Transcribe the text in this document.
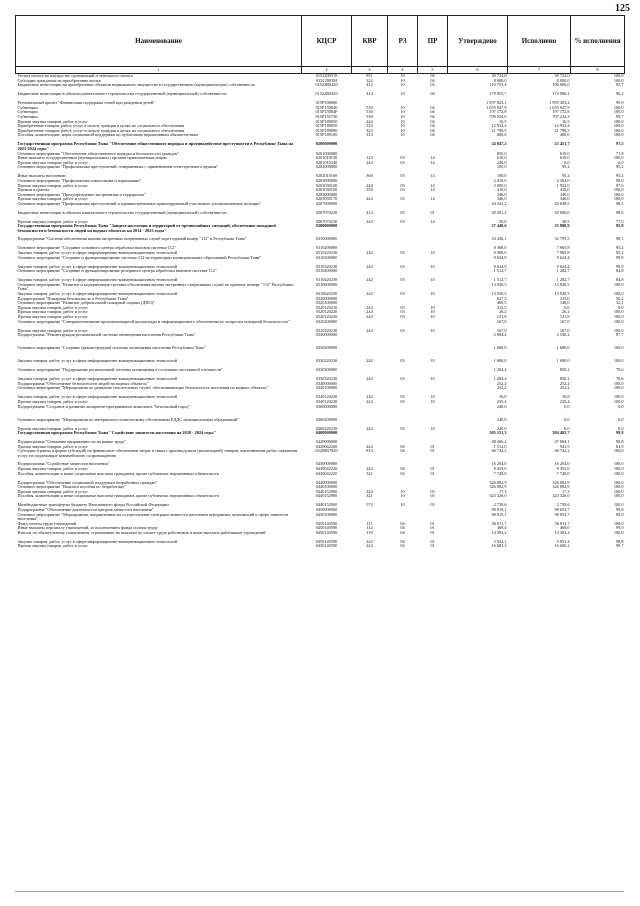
125
Наименование	КЦСР	КВР	РЗ	ПР	Утверждено	Исполнено	% исполнения
1	2	3	4	5	6	7	8
Уплата налога на имущество организаций и земельного налога	0152200310	851	10	04	30 724,0	30 724,0	100,0
Субсидии гражданам на приобретение жилья	01522003М	322	10	04	8 000,0	8 000,0	100,0
Бюджетные инвестиции на приобретение объектов недвижимого имущества в государственную (муниципальную) собственность	01522R0420	412	10	04	110 753,4	106 006,0	95,7
Бюджетные инвестиции в объекты капитального строительства государственной (муниципальной) собственности	01522R0420	414	10	04	179 855,7	172 980,1	96,2
Региональный проект "Финансовая поддержка семей при рождении детей"	015P100000				1 997 823,1	1 995 303,4	99,9
Субвенции	015P150840	530	10	04	1 055 947,9	1 055 947,9	100,0
Субвенции	015P15084F	530	10	04	197 172,8	197 172,8	100,0
Субвенции	015P155730	530	10	04	709 554,0	707 234,3	99,7
Прочая закупка товаров, работ и услуг	015P189050	244	10	04	16,5	16,5	100,0
Приобретение товаров, работ, услуг в пользу граждан в целях их социального обеспечения	015P189050	323	10	04	12 932,4	12 932,4	100,0
Приобретение товаров, работ, услуг в пользу граждан в целях их социального обеспечения	015P189090	323	10	04	21 799,5	21 799,5	100,0
Пособия, компенсации, меры социальной поддержки по публичным нормативным обязательствам	015P189100	313	10	04	400,0	400,0	100,0
Государственная программа Республики Тыва "Обеспечение общественного порядка и противодействие преступности в Республике Тыва на 2021-2024 годы"	0200000000				24 047,2	23 451,7	97,5
Основное мероприятие "Обеспечение общественного порядка и безопасности граждан"	0201000000				850,0	610,0	71,8
Иные выплаты государственных (муниципальных) органов привлекаемым лицам	0201010130	123	03	14	610,0	610,0	100,0
Прочая закупка товаров, работ и услуг	0201010340	244	03	14	240,0	0,0	0,0
Основное мероприятие "Профилактика преступлений, совершенных с применением огнестрельного оружия"	0202000000				100,0	95,2	95,2
Иные выплаты населению	0202010160	360	03	14	100,0	95,2	95,2
Основное мероприятие "Профилактика алкоголизма и наркомании"	0203000000				2 410,0	2 362,0	98,0
Прочая закупка товаров, работ и услуг	0203030100	244	03	14	2 000,0	1 952,0	97,6
Премии и гранты	0203030100	350	03	14	410,0	410,0	100,0
Основное мероприятие "Предупреждение экстремизма и терроризма"	0205000000				346,0	346,0	100,0
Прочая закупка товаров, работ и услуг	0205050170	244	03	14	346,0	346,0	100,0
Основное мероприятие "Профилактика преступлений и административных правонарушений участковых уполномоченных полиции"	0207000000				20 341,2	20 038,5	98,5
Бюджетные инвестиции в объекты капитального строительства государственной (муниципальной) собственности	0207070230	414	05	01	20 291,2	20 000,0	98,6
Прочая закупка товаров, работ и услуг	0207070230	244	03	14	50,0	38,5	77,0
Государственная программа Республики Тыва "Защита населения и территорий от чрезвычайных ситуаций, обеспечение пожарной безопасности и безопасности людей на водных объектах на 2014 - 2023 годы"	0300000000				37 440,6	35 890,9	95,9
Подпрограмма "Система обеспечения вызова экстренных оперативных служб через единый номер "112" в Республике Тыва"	0310000000				33 436,1	32 793,5	98,1
Основное мероприятие "Создание основного центра обработки вызовов системы-112"	0310200000				8 368,0	7 965,8	95,2
Закупка товаров, работ, услуг в сфере информационно-коммуникационных технологий	0310220230	242	03	10	8 368,0	7 965,8	95,2
Основное мероприятие "Создание и функционирование системы-112 на территории муниципальных образований Республики Тыва"	0310300000				9 634,9	9 624,4	99,9
Закупка товаров, работ, услуг в сфере информационно-коммуникационных технологий	0310320230	242	03	10	9 634,9	9 624,4	99,9
Основное мероприятие "Создание и функционирование резервного центра обработки вызовов системы-112"	0310400000				1 512,7	1 282,7	84,8
Закупка товаров, работ, услуг в сфере информационно-коммуникационных технологий	0310420230	242	03	10	1 512,7	1 282,7	84,8
Основное мероприятие "Развитие и модернизация системы обеспечения вызова экстренных оперативных служб по единому номеру "112" Республики Тыва"	0310600000				13 920,5	13 920,5	100,0
Закупка товаров, работ, услуг в сфере информационно-коммуникационных технологий	0310620230	242	03	10	13 920,5	13 920,5	100,0
Подпрограмма "Пожарная безопасность в Республике Тыва"	0320000000				627,5	315,0	50,2
Основное мероприятие "Развитие добровольной пожарной охраны (ДПО)"	0320100000				460,5	148,0	32,1
Прочая закупка товаров, работ и услуг	0320120210	244	03	10	312,5	0,0	0,0
Прочая закупка товаров, работ и услуг	0320120220	244	03	10	26,2	26,2	100,0
Прочая закупка товаров, работ и услуг	0320120230	244	03	10	121,8	121,8	100,0
Основное мероприятие "Совершенствование противопожарной пропаганды и информационного обеспечения по вопросам пожарной безопасности"	0320200000				167,0	167,0	100,0
Прочая закупка товаров, работ и услуг	0320220230	244	03	10	167,0	167,0	100,0
Подпрограмма "Реконструкция региональной системы оповещения населения Республики Тыва"	0330000000				2 884,4	2 530,2	87,7
Основное мероприятие "Создание (реконструкция) системы оповещения населения Республики Тыва"	0330200000				1 680,0	1 680,0	100,0
Закупка товаров, работ, услуг в сфере информационно-коммуникационных технологий	0330220230	242	03	10	1 680,0	1 680,0	100,0
Основное мероприятие "Поддержание региональной системы оповещения в состоянии постоянной готовности"	0330300000				1 204,4	850,2	70,6
Закупка товаров, работ, услуг в сфере информационно-коммуникационных технологий	0330320230	242	03	10	1 204,4	850,2	70,6
Подпрограмма "Обеспечение безопасности людей на водных объектах"	0340000000				252,2	252,2	100,0
Основное мероприятие "Мероприятия по развитию спасательных служб, обеспечивающих безопасность населения на водных объектах"	0340100000				252,2	252,2	100,0
Закупка товаров, работ, услуг в сфере информационно-коммуникационных технологий	0340120230	242	03	10	16,8	16,8	100,0
Прочая закупка товаров, работ и услуг	0340120230	244	03	10	235,4	235,4	100,0
Подпрограмма "Создание и развитие аппаратно-программного комплекса "Безопасный город"	0360000000				240,0	0,0	0,0
Основное мероприятие "Мероприятия по материально-техническому обеспечению ЕДДС муниципальных образований"	0360200000				240,0	0,0	0,0
Прочая закупка товаров, работ и услуг	0360220230	244	03	10	240,0	0,0	0,0
Государственная программа Республики Тыва "Содействие занятости населения на 2020 - 2024 годы"	0400000000				505 151,3	504 405,7	99,9
Подпрограмма "Снижение напряженности на рынке труда"	0420000000				48 266,2	47 684,1	98,8
Прочая закупка товаров, работ и услуг	0420042260	244	04	01	1 512,0	941,9	61,9
Субсидии (гранты в форме субсидий) на финансовое обеспечение затрат в связи с производством (реализацией) товаров, выполнением работ, оказанием услуг, не подлежащие казначейскому сопровождению	04200R7820	813	04	01	46 742,2	46 742,2	100,0
Подпрограмма "Содействие занятости населения"	0430000000				16 204,0	16 204,0	100,0
Прочая закупка товаров, работ и услуг	0430042220	244	04	01	8 455,0	8 455,0	100,0
Пособия, компенсации и иные социальные выплаты гражданам, кроме публичных нормативных обязательств	0430042220	321	04	01	7 749,0	7 749,0	100,0
Подпрограмма "Обеспечение социальной поддержки безработных граждан"	0440000000				326 082,9	326 082,9	100,0
Основное мероприятие "Выплата пособия по безработице"	0440100000				326 082,9	326 082,9	100,0
Прочая закупка товаров, работ и услуг	0440152900	244	10	03	17,3	17,3	100,0
Пособия, компенсации и иные социальные выплаты гражданам, кроме публичных нормативных обязательств	0440152900	321	10	03	323 326,0	323 326,0	100,0
Межбюджетные трансферты бюджету Пенсионного фонда Российской Федерации	0440152900	570	10	03	2 739,6	2 739,6	100,0
Подпрограмма "Обеспечение деятельности центров занятости населения"	0450000000				98 819,1	98 653,7	99,8
Основное мероприятие "Мероприятия, направленные на осуществление центрами занятости населения переданных полномочий в сфере занятости населения"	0450100000				98 819,1	98 653,7	99,8
Фонд оплаты труда учреждений	0450140590	111	04	01	56 011,7	56 011,7	100,0
Иные выплаты персоналу учреждений, за исключением фонда оплаты труда	0450140590	112	04	01	469,4	469,0	99,9
Взносы по обязательному социальному страхованию на выплаты по оплате труда работников и иные выплаты работникам учреждений	0450140590	119	04	01	14 302,2	14 302,2	100,0
Закупка товаров, работ, услуг в сфере информационно-коммуникационных технологий	0450140590	242	04	01	5 922,1	5 851,4	98,8
Прочая закупка товаров, работ и услуг	0450140590	244	04	01	16 681,2	16 606,2	99,7
